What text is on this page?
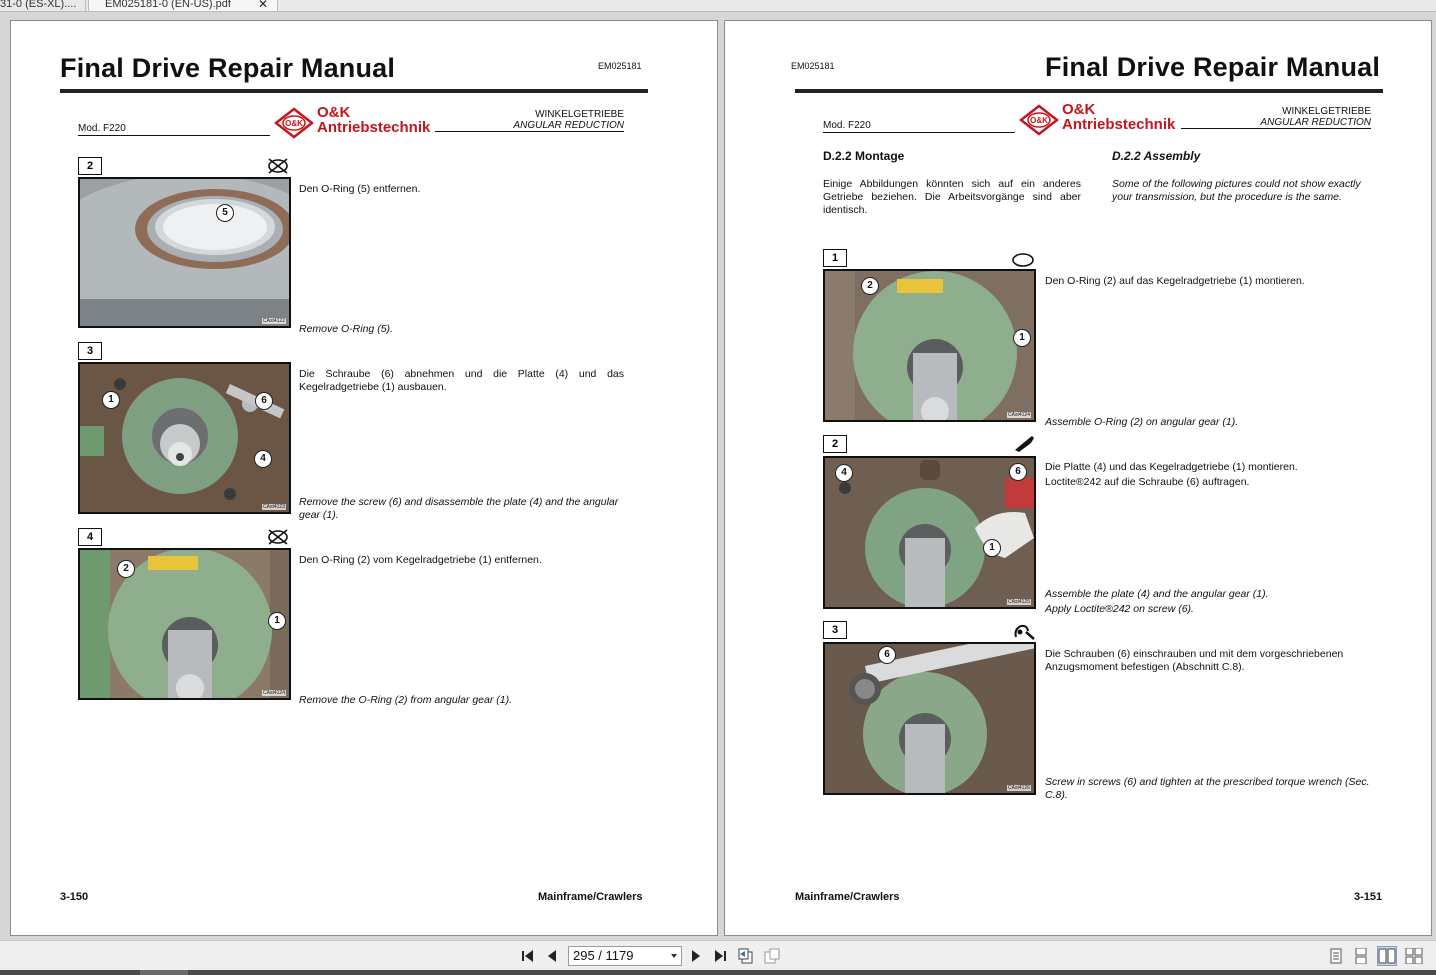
31-0 (ES-XL)....	EM025181-0 (EN-US).pdf	✕
Final Drive Repair Manual	EM025181
Mod. F220	O&K
O&K
Antriebstechnik
WINKELGETRIEBE
ANGULAR REDUCTION
2
5
CAst4122
Den O-Ring (5) entfernen.
Remove O-Ring (5).
3
1	6
4
CAst4123
Die Schraube (6) abnehmen und die Platte (4) und das Kegelradgetriebe (1) ausbauen.
Remove the screw (6) and disassemble the plate (4) and the angular gear (1).
4
2
1
CAst4124
Den O-Ring (2) vom Kegelradgetriebe (1) entfernen.
Remove the O-Ring (2) from angular gear (1).
3-150	Mainframe/Crawlers
EM025181	Final Drive Repair Manual
Mod. F220	O&K
O&K
Antriebstechnik
WINKELGETRIEBE
ANGULAR REDUCTION
D.2.2 Montage	D.2.2 Assembly
Einige Abbildungen könnten sich auf ein anderes Getriebe beziehen. Die Arbeitsvorgänge sind aber identisch.
Some of the following pictures could not show exactly your transmission, but the procedure is the same.
1
2
1
CAst4124
Den O-Ring (2) auf das Kegelradgetriebe (1) montieren.
Assemble O-Ring (2) on angular gear (1).
2
4	6
1
CAst4125
Die Platte (4) und das Kegelradgetriebe (1) montieren.
Loctite®242 auf die Schraube (6) auftragen.
Assemble the plate (4) and the angular gear (1).
Apply Loctite®242 on screw (6).
3
6
CAst4126
Die Schrauben (6) einschrauben und mit dem vorgeschriebenen Anzugsmoment befestigen (Abschnitt C.8).
Screw in screws (6) and tighten at the prescribed torque wrench (Sec. C.8).
Mainframe/Crawlers	3-151
295 / 1179
